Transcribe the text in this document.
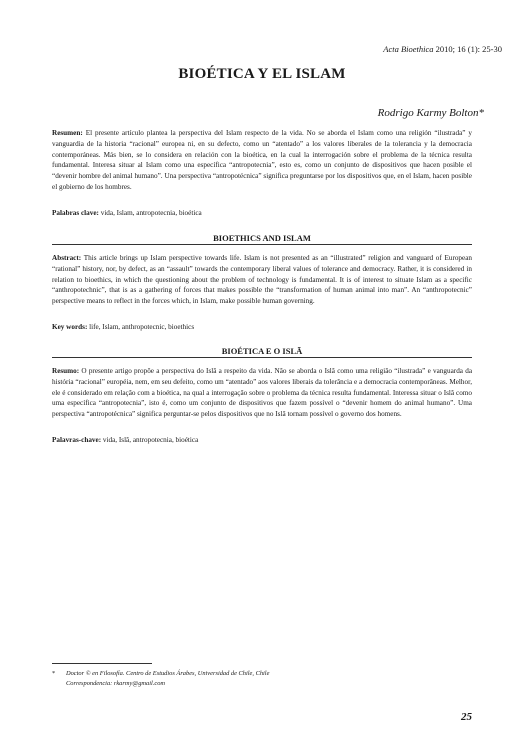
Acta Bioethica 2010; 16 (1): 25-30
BIOÉTICA Y EL ISLAM
Rodrigo Karmy Bolton*
Resumen: El presente artículo plantea la perspectiva del Islam respecto de la vida. No se aborda el Islam como una religión “ilustrada” y vanguardia de la historia “racional” europea ni, en su defecto, como un “atentado” a los valores liberales de la tolerancia y la democracia contemporáneas. Más bien, se lo considera en relación con la bioética, en la cual la interrogación sobre el problema de la técnica resulta fundamental. Interesa situar al Islam como una específica “antropotecnia”, esto es, como un conjunto de dispositivos que hacen posible el “devenir hombre del animal humano”. Una perspectiva “antropotécnica” significa preguntarse por los dispositivos que, en el Islam, hacen posible el gobierno de los hombres.
Palabras clave: vida, Islam, antropotecnia, bioética
BIOETHICS AND ISLAM
Abstract: This article brings up Islam perspective towards life. Islam is not presented as an “illustrated” religion and vanguard of European “rational” history, nor, by defect, as an “assault” towards the contemporary liberal values of tolerance and democracy. Rather, it is considered in relation to bioethics, in which the questioning about the problem of technology is fundamental. It is of interest to situate Islam as a specific “anthropotechnic”, that is as a gathering of forces that makes possible the “transformation of human animal into man”. An “anthropotecnic” perspective means to reflect in the forces which, in Islam, make possible human governing.
Key words: life, Islam, anthropotecnic, bioethics
BIOÉTICA E O ISLÃ
Resumo: O presente artigo propõe a perspectiva do Islã a respeito da vida. Não se aborda o Islã como uma religião “ilustrada” e vanguarda da história “racional” européia, nem, em seu defeito, como um “atentado” aos valores liberais da tolerância e a democracia contemporâneas. Melhor, ele é considerado em relação com a bioética, na qual a interrogação sobre o problema da técnica resulta fundamental. Interessa situar o Islã como uma específica “antropotecnia”, isto é, como um conjunto de dispositivos que fazem possível o “devenir homem do animal humano”. Uma perspectiva “antropotécnica” significa perguntar-se pelos dispositivos que no Islã tornam possível o governo dos homens.
Palavras-chave: vida, Islã, antropotecnia, bioética
* Doctor © en Filosofía. Centro de Estudios Árabes, Universidad de Chile, Chile
Correspondencia: rkarmy@gmail.com
25
